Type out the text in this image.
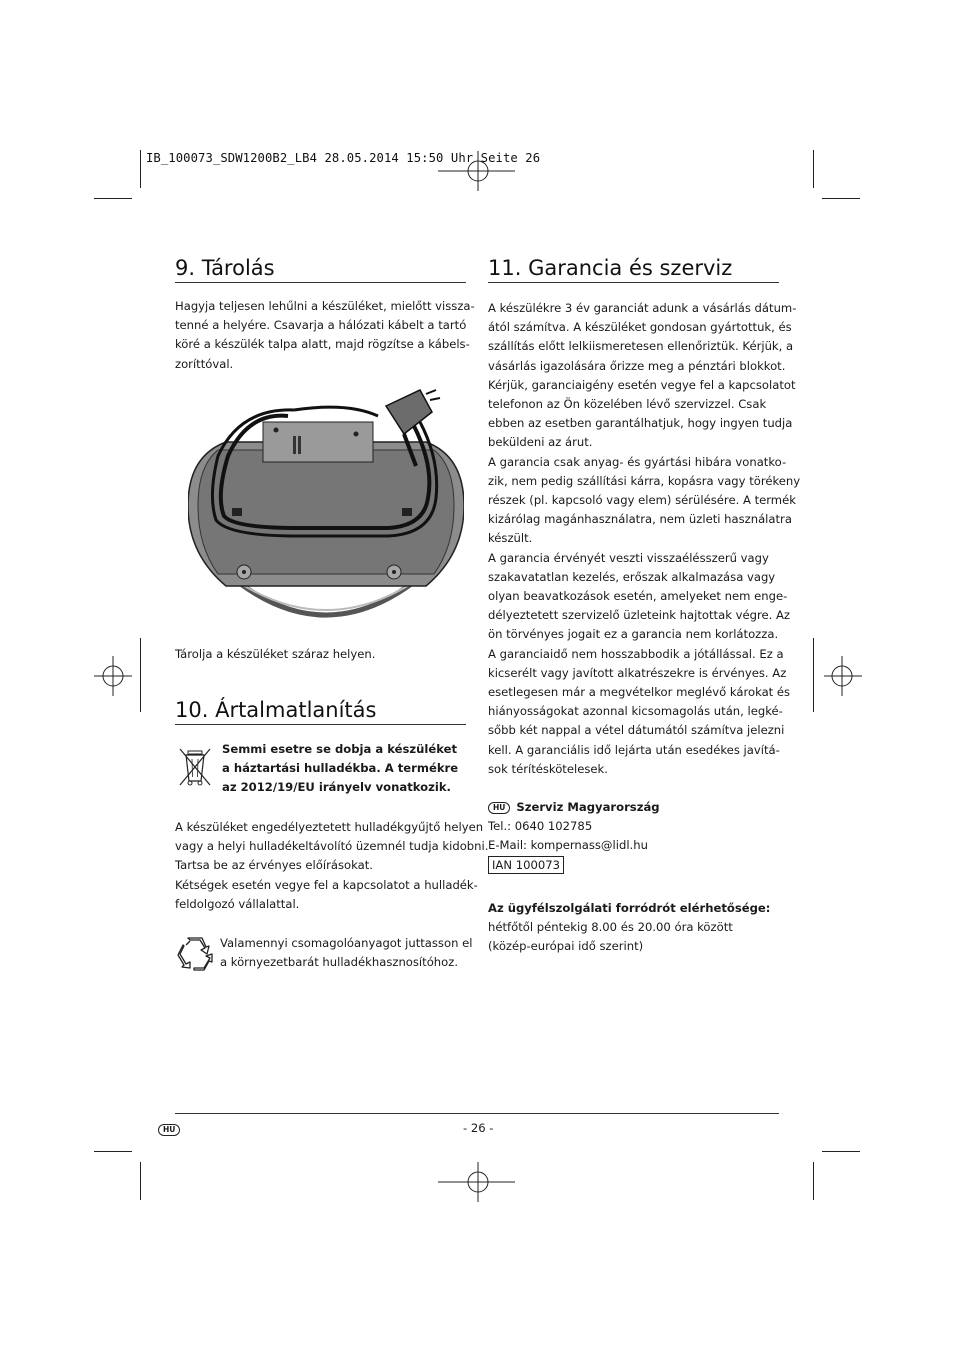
IB_100073_SDW1200B2_LB4 28.05.2014 15:50 Uhr Seite 26
9. Tárolás
Hagyja teljesen lehűlni a készüléket, mielőtt vissza-
tenné a helyére. Csavarja a hálózati kábelt a tartó
köré a készülék talpa alatt, majd rögzítse a kábels-
zoríttóval.
Tárolja a készüléket száraz helyen.
10. Ártalmatlanítás
Semmi esetre se dobja a készüléket
a háztartási hulladékba. A termékre
az 2012/19/EU irányelv vonatkozik.
A készüléket engedélyeztetett hulladékgyűjtő helyen
vagy a helyi hulladékeltávolító üzemnél tudja kidobni.
Tartsa be az érvényes előírásokat.
Kétségek esetén vegye fel a kapcsolatot a hulladék-
feldolgozó vállalattal.
Valamennyi csomagolóanyagot juttasson el
a környezetbarát hulladékhasznosítóhoz.
11. Garancia és szerviz
A készülékre 3 év garanciát adunk a vásárlás dátum-
ától számítva. A készüléket gondosan gyártottuk, és
szállítás előtt lelkiismeretesen ellenőriztük. Kérjük, a
vásárlás igazolására őrizze meg a pénztári blokkot.
Kérjük, garanciaigény esetén vegye fel a kapcsolatot
telefonon az Ön közelében lévő szervizzel. Csak
ebben az esetben garantálhatjuk, hogy ingyen tudja
beküldeni az árut.
A garancia csak anyag- és gyártási hibára vonatko-
zik, nem pedig szállítási kárra, kopásra vagy törékeny
részek (pl. kapcsoló vagy elem) sérülésére. A termék
kizárólag magánhasználatra, nem üzleti használatra
készült.
A garancia érvényét veszti visszaélésszerű vagy
szakavatatlan kezelés, erőszak alkalmazása vagy
olyan beavatkozások esetén, amelyeket nem enge-
délyeztetett szervizelő üzleteink hajtottak végre. Az
ön törvényes jogait ez a garancia nem korlátozza.
A garanciaidő nem hosszabbodik a jótállással. Ez a
kicserélt vagy javított alkatrészekre is érvényes. Az
esetlegesen már a megvételkor meglévő károkat és
hiányosságokat azonnal kicsomagolás után, legké-
sőbb két nappal a vétel dátumától számítva jelezni
kell. A garanciális idő lejárta után esedékes javítá-
sok térítéskötelesek.
HU Szerviz Magyarország
Tel.: 0640 102785
E-Mail: kompernass@lidl.hu
IAN 100073
Az ügyfélszolgálati forródrót elérhetősége:
hétfőtől péntekig 8.00 és 20.00 óra között
(közép-európai idő szerint)
HU	- 26 -
